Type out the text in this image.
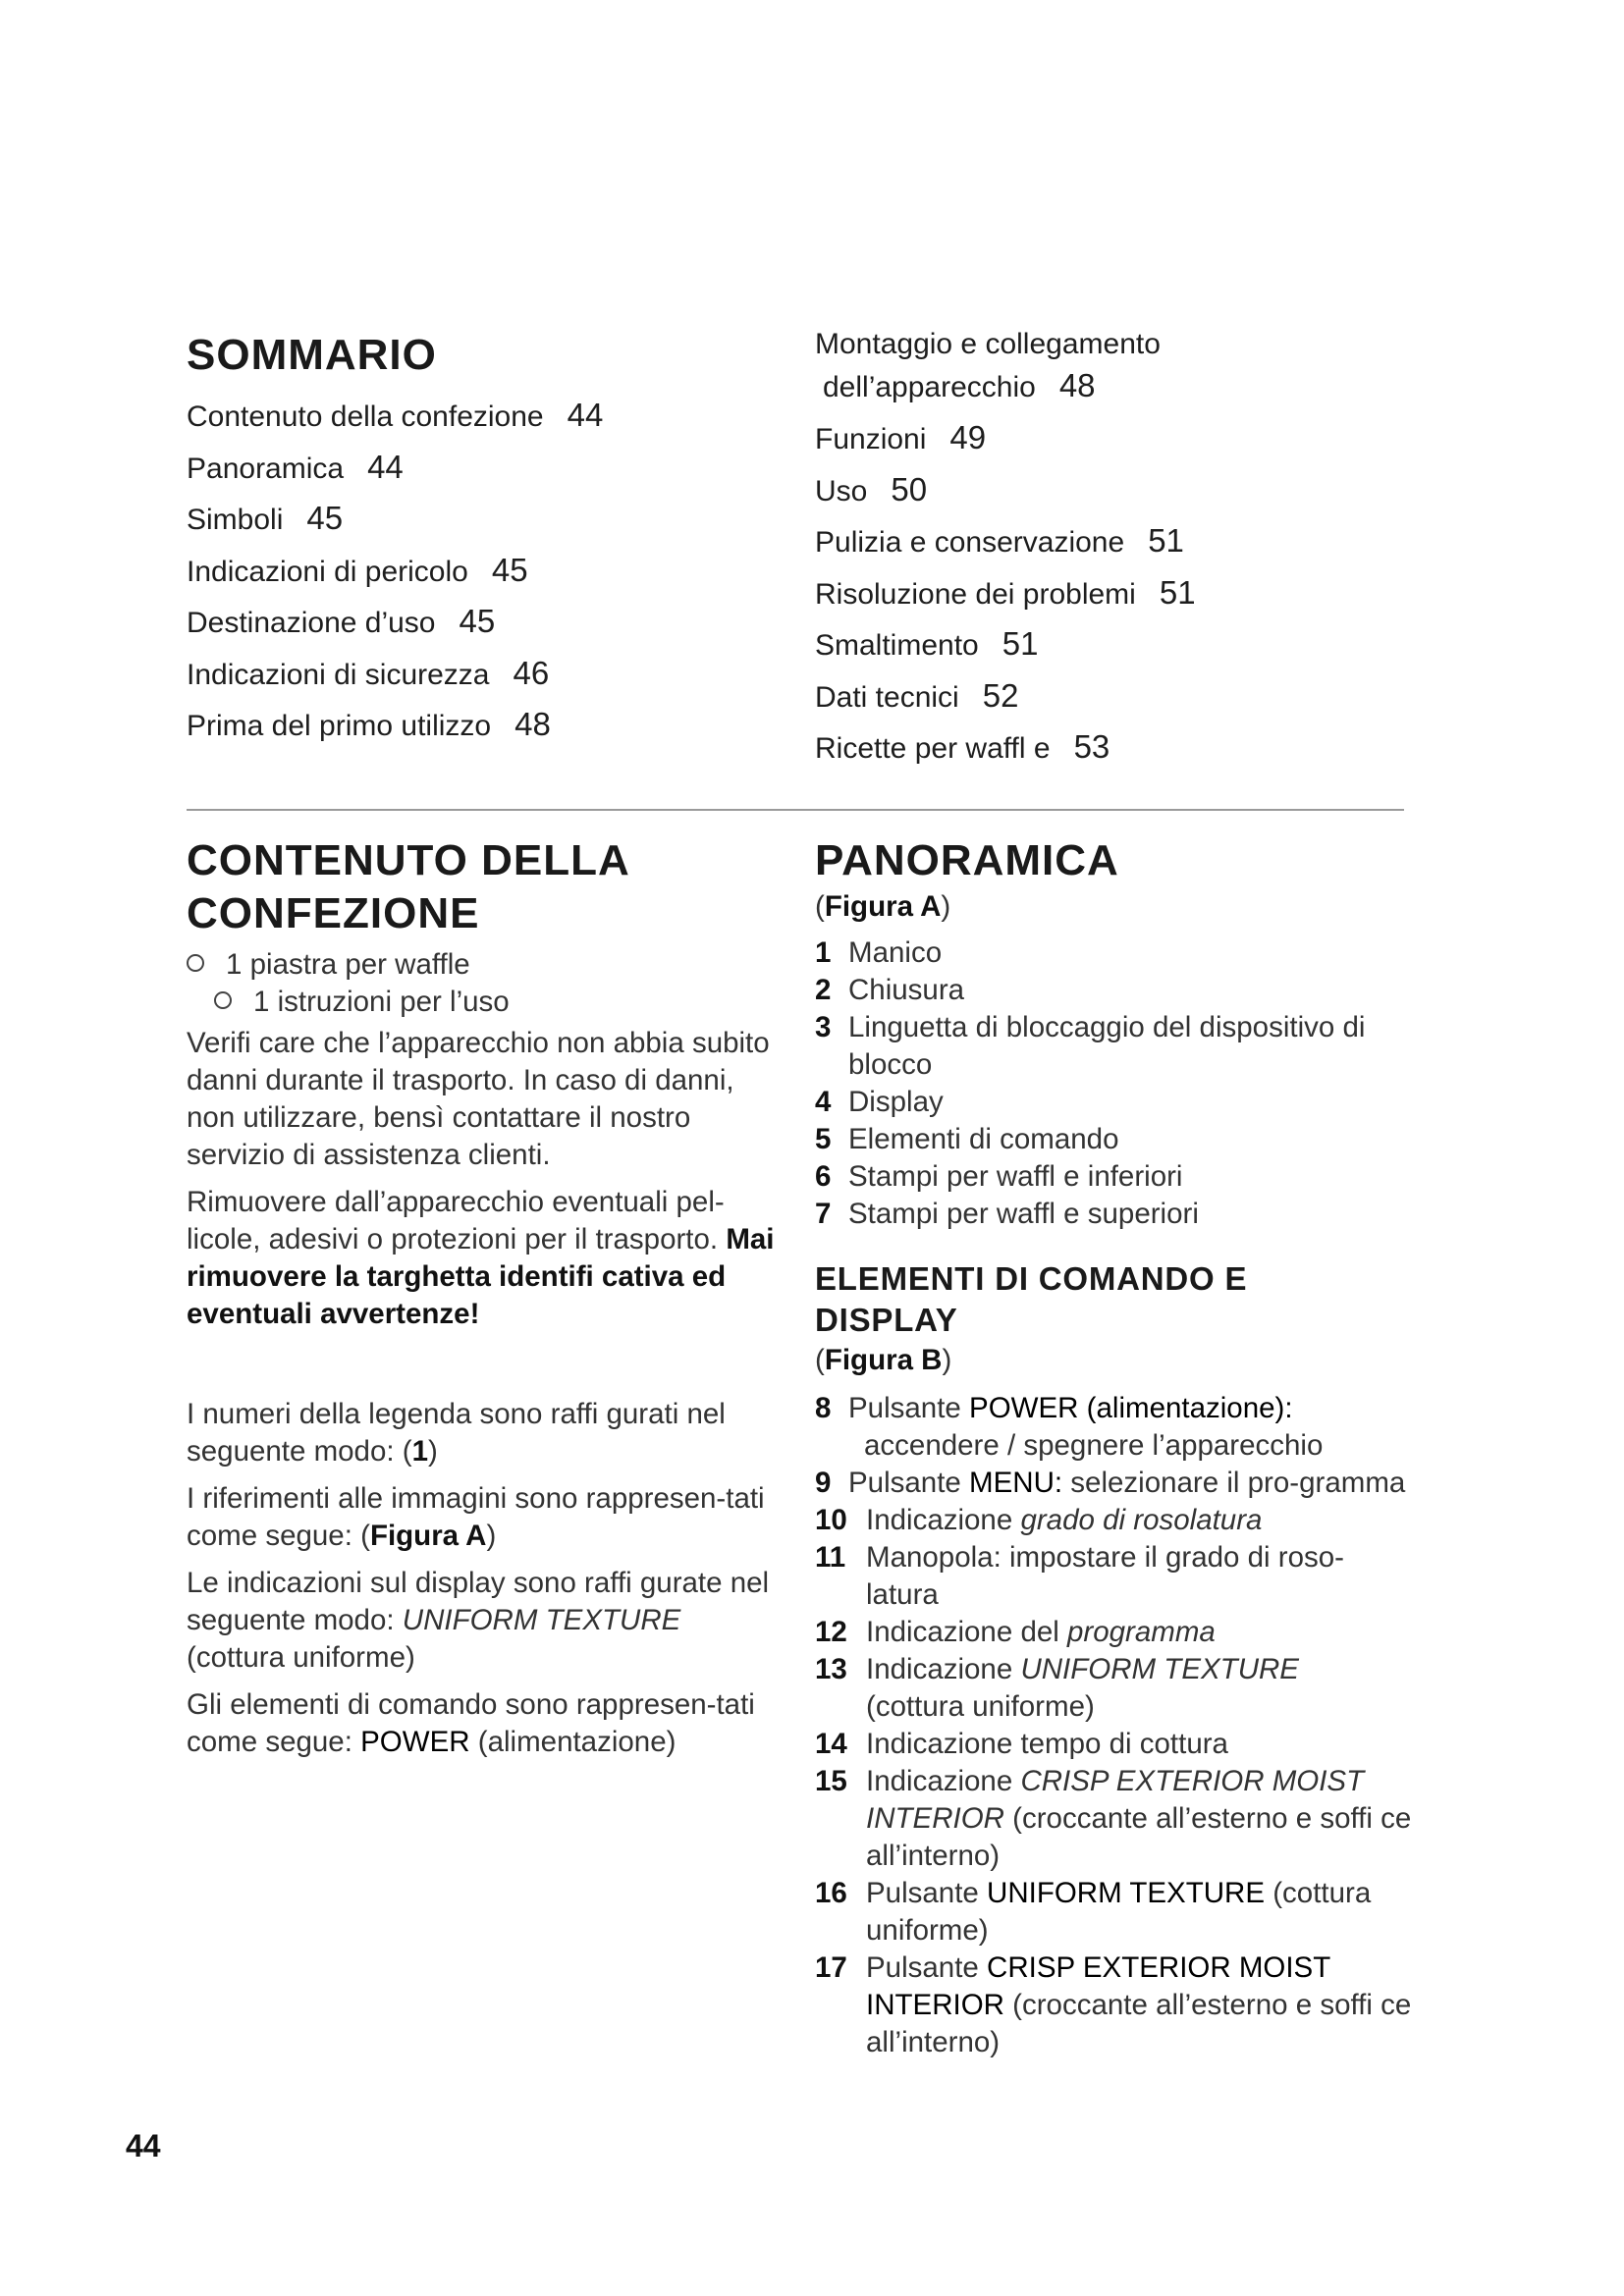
SOMMARIO
Contenuto della confezione 44
Panoramica 44
Simboli 45
Indicazioni di pericolo 45
Destinazione d’uso 45
Indicazioni di sicurezza 46
Prima del primo utilizzo 48
Montaggio e collegamento
dell’apparecchio 48
Funzioni 49
Uso 50
Pulizia e conservazione 51
Risoluzione dei problemi 51
Smaltimento 51
Dati tecnici 52
Ricette per waffl e 53
CONTENUTO DELLA
CONFEZIONE
1 piastra per waffle
1 istruzioni per l’uso

Verifi care che l’apparecchio non abbia subito danni durante il trasporto. In caso di danni, non utilizzare, bensì contattare il nostro servizio di assistenza clienti.

Rimuovere dall’apparecchio eventuali pel-licole, adesivi o protezioni per il trasporto. Mai rimuovere la targhetta identifi cativa ed eventuali avvertenze!

I numeri della legenda sono raffi gurati nel seguente modo: (1)

I riferimenti alle immagini sono rappresen-tati come segue: (Figura A)

Le indicazioni sul display sono raffi gurate nel seguente modo: UNIFORM TEXTURE (cottura uniforme)

Gli elementi di comando sono rappresen-tati come segue: POWER (alimentazione)

PANORAMICA
(Figura A)
1 Manico
2 Chiusura
3 Linguetta di bloccaggio del dispositivo di blocco
4 Display
5 Elementi di comando
6 Stampi per waffl e inferiori
7 Stampi per waffl e superiori
ELEMENTI DI COMANDO E
DISPLAY
(Figura B)
8 Pulsante POWER (alimentazione):
accendere / spegnere l’apparecchio
9 Pulsante MENU: selezionare il pro-gramma
10 Indicazione grado di rosolatura
11 Manopola: impostare il grado di roso-latura
12 Indicazione del programma
13 Indicazione UNIFORM TEXTURE
(cottura uniforme)
14 Indicazione tempo di cottura
15 Indicazione CRISP EXTERIOR MOIST INTERIOR (croccante all’esterno e soffi ce all’interno)
16 Pulsante UNIFORM TEXTURE (cottura uniforme)
17 Pulsante CRISP EXTERIOR MOIST INTERIOR (croccante all’esterno e soffi ce all’interno)
44
